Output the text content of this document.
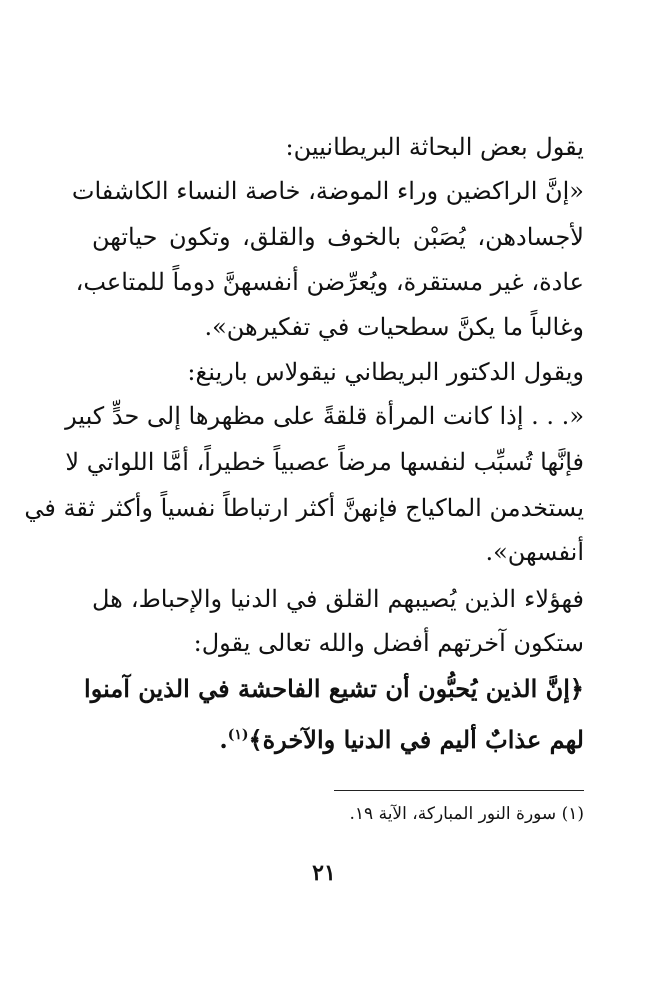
يقول بعض البحاثة البريطانيين:
«إنَّ الراكضين وراء الموضة، خاصة النساء الكاشفات
لأجسادهن، يُصَبْن بالخوف والقلق، وتكون حياتهن
عادة، غير مستقرة، ويُعرِّضن أنفسهنَّ دوماً للمتاعب،
وغالباً ما يكنَّ سطحيات في تفكيرهن».
ويقول الدكتور البريطاني نيقولاس بارينغ:
«. . . إذا كانت المرأة قلقةً على مظهرها إلى حدٍّ كبير
فإنَّها تُسبِّب لنفسها مرضاً عصبياً خطيراً، أمَّا اللواتي لا
يستخدمن الماكياج فإنهنَّ أكثر ارتباطاً نفسياً وأكثر ثقة في
أنفسهن».
فهؤلاء الذين يُصيبهم القلق في الدنيا والإحباط، هل
ستكون آخرتهم أفضل والله تعالى يقول:
﴿إنَّ الذين يُحبُّون أن تشيع الفاحشة في الذين آمنوا
لهم عذابٌ أليم في الدنيا والآخرة﴾$^{(١)}$.
(١) سورة النور المباركة، الآية ١٩.
٢١
